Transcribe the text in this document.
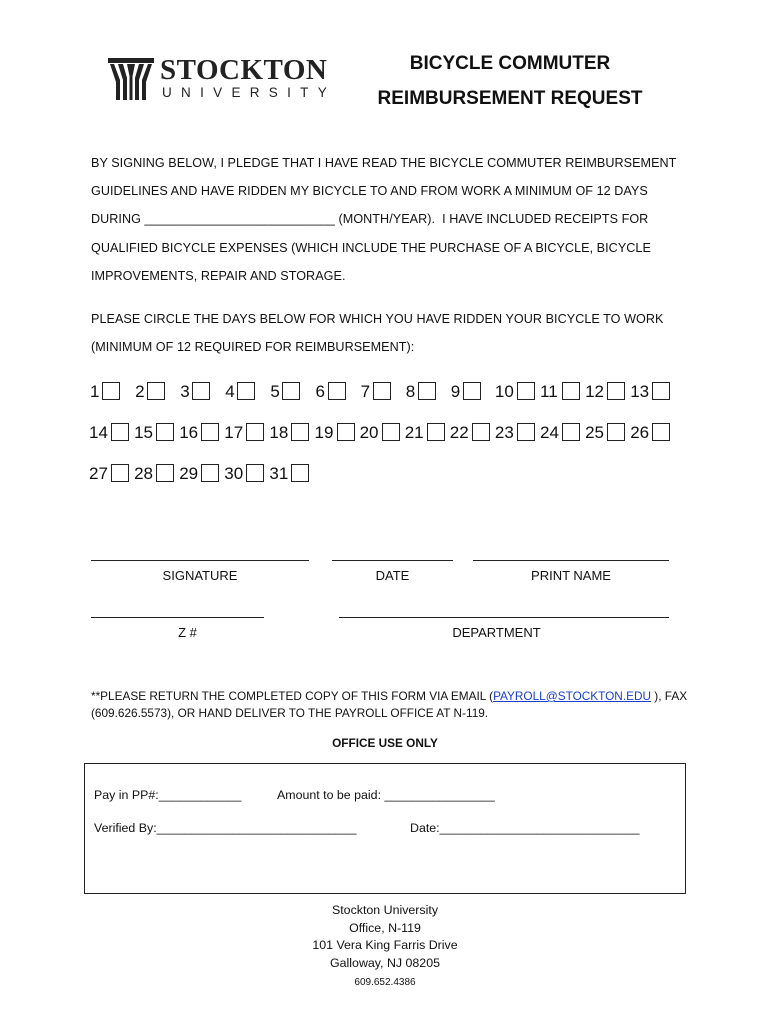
STOCKTON
UNIVERSITY
BICYCLE COMMUTER
REIMBURSEMENT REQUEST
BY SIGNING BELOW, I PLEDGE THAT I HAVE READ THE BICYCLE COMMUTER REIMBURSEMENT
GUIDELINES AND HAVE RIDDEN MY BICYCLE TO AND FROM WORK A MINIMUM OF 12 DAYS
DURING ___________________________ (MONTH/YEAR).  I HAVE INCLUDED RECEIPTS FOR
QUALIFIED BICYCLE EXPENSES (WHICH INCLUDE THE PURCHASE OF A BICYCLE, BICYCLE
IMPROVEMENTS, REPAIR AND STORAGE.
PLEASE CIRCLE THE DAYS BELOW FOR WHICH YOU HAVE RIDDEN YOUR BICYCLE TO WORK
(MINIMUM OF 12 REQUIRED FOR REIMBURSEMENT):
1 2 3 4 5 6 7 8 9 10 11 12 13
14 15 16 17 18 19 20 21 22 23 24 25 26
27 28 29 30 31
SIGNATURE	DATE	PRINT NAME
Z #	DEPARTMENT
**PLEASE RETURN THE COMPLETED COPY OF THIS FORM VIA EMAIL (PAYROLL@STOCKTON.EDU ), FAX
(609.626.5573), OR HAND DELIVER TO THE PAYROLL OFFICE AT N-119.
OFFICE USE ONLY
Pay in PP#:____________	Amount to be paid: ________________
Verified By:_____________________________	Date:_____________________________
Stockton University
Office, N-119
101 Vera King Farris Drive
Galloway, NJ 08205
609.652.4386
